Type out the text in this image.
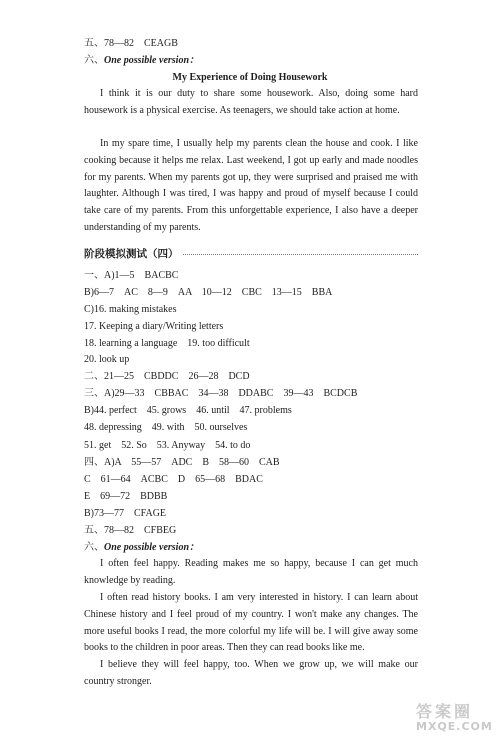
五、78—82　CEAGB
六、One possible version：
My Experience of Doing Housework

I think it is our duty to share some housework. Also, doing some hard housework is a physical exercise. As teenagers, we should take action at home.

In my spare time, I usually help my parents clean the house and cook. I like cooking because it helps me relax. Last weekend, I got up early and made noodles for my parents. When my parents got up, they were surprised and praised me with laughter. Although I was tired, I was happy and proud of myself because I could take care of my parents. From this unforgettable experience, I also have a deeper understanding of my parents.

阶段模拟测试（四）
一、A)1—5　BACBC
B)6—7　AC　8—9　AA　10—12　CBC　13—15　BBA
C)16. making mistakes
17. Keeping a diary/Writing letters
18. learning a language　19. too difficult
20. look up
二、21—25　CBDDC　26—28　DCD
三、A)29—33　CBBAC　34—38　DDABC　39—43　BCDCB
B)44. perfect　45. grows　46. until　47. problems
48. depressing　49. with　50. ourselves
51. get　52. So　53. Anyway　54. to do
四、A)A　55—57　ADC　B　58—60　CAB
C　61—64　ACBC　D　65—68　BDAC
E　69—72　BDBB
B)73—77　CFAGE
五、78—82　CFBEG
六、One possible version：

I often feel happy. Reading makes me so happy, because I can get much knowledge by reading.

I often read history books. I am very interested in history. I can learn about Chinese history and I feel proud of my country. I won't make any changes. The more useful books I read, the more colorful my life will be. I will give away some books to the children in poor areas. Then they can read books like me.

I believe they will feel happy, too. When we grow up, we will make our country stronger.

答案圈
MXQE.COM
